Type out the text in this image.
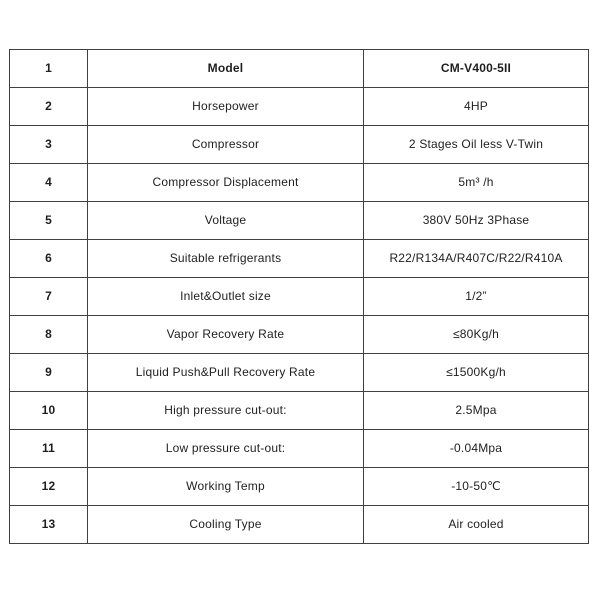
1	Model	CM-V400-5II
2	Horsepower	4HP
3	Compressor	2 Stages Oil less V-Twin
4	Compressor Displacement	5m³ /h
5	Voltage	380V 50Hz 3Phase
6	Suitable refrigerants	R22/R134A/R407C/R22/R410A
7	Inlet&Outlet size	1/2”
8	Vapor Recovery Rate	≤80Kg/h
9	Liquid Push&Pull Recovery Rate	≤1500Kg/h
10	High pressure cut-out:	2.5Mpa
11	Low pressure cut-out:	-0.04Mpa
12	Working Temp	-10-50℃
13	Cooling Type	Air cooled
